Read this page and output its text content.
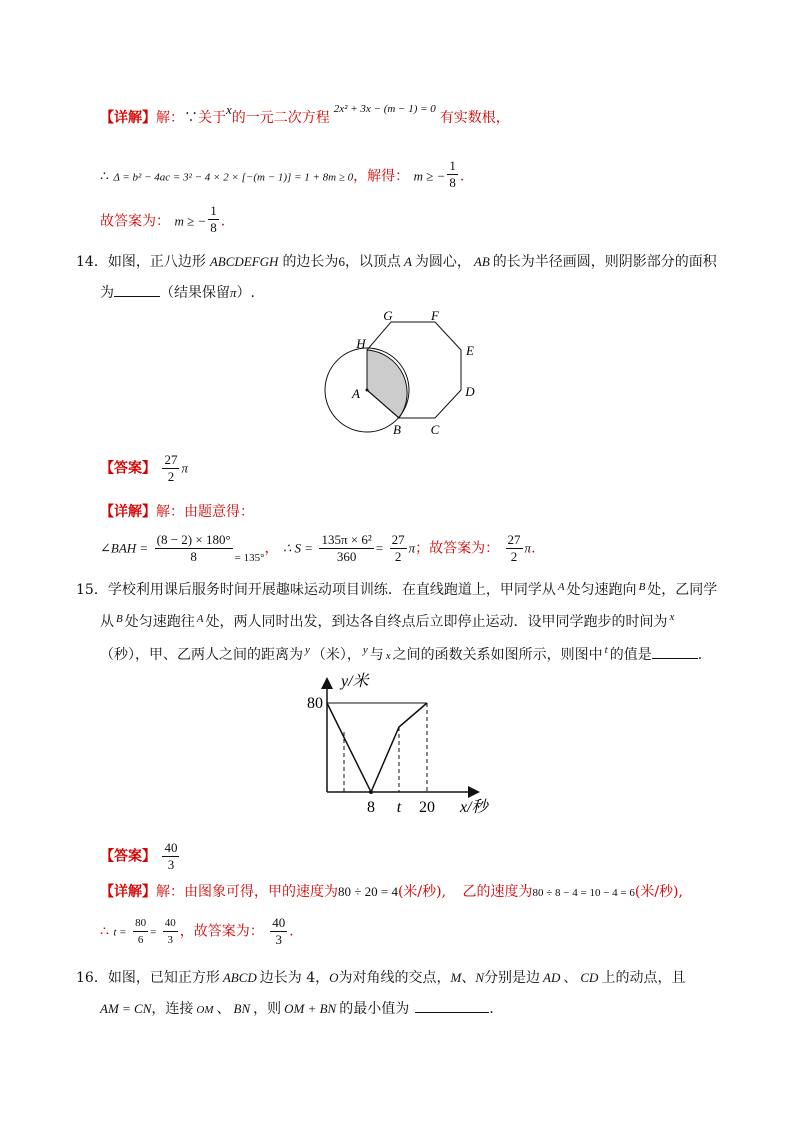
【详解】解：∵关于x的一元二次方程$^{2x^2 + 3x - (m - 1) = 0}$有实数根，
∴ Δ = b² − 4ac = 3² − 4 × 2 × [−(m − 1)] = 1 + 8m ≥ 0，解得： m ≥ − $\frac{1}{8}$ .
故答案为： m ≥ − $\frac{1}{8}$ .
14．如图，正八边形 ABCDEFGH 的边长为6，以顶点 A 为圆心， AB 的长为半径画圆，则阴影部分的面积
为	（结果保留π）.
G	F
E
D
C
B
A
H
【答案】 $\frac{27}{2}$ π
【详解】解：由题意得：
∠BAH = $\frac{(8 - 2) \times 180^\circ}{8} _{= 135^\circ}$， ∴ $S = \frac{\text{135π × 6²}}{360} = \frac{27}{2}$ π；故答案为： $\frac{27}{2} \pi$.
15．学校利用课后服务时间开展趣味运动项目训练．在直线跑道上，甲同学从 $^A$ 处匀速跑向 $^B$ 处，乙同学
从 $^B$ 处匀速跑往 $^A$ 处，两人同时出发，到达各自终点后立即停止运动．设甲同学跑步的时间为 $^x$
（秒），甲、乙两人之间的距离为 $^y$ （米）， $^y$ 与 x 之间的函数关系如图所示，则图中 $^t$ 的值是	.
y/米
x/秒
80
8 t 20
【答案】 $\frac{40}{3}$
【详解】解：由图象可得，甲的速度为80 ÷ 20 = 4(米/秒), 乙的速度为80 ÷ 8 − 4 = 10 − 4 = 6(米/秒),
∴ $t = \frac{80}{6} = \frac{40}{3}$ ，故答案为： $\frac{40}{3}$ .
16．如图，已知正方形 ABCD 边长为 4，O为对角线的交点，M、N分别是边 AD 、 CD 上的动点，且
AM = CN，连接 OM 、 BN ，则 OM + BN 的最小值为	.
